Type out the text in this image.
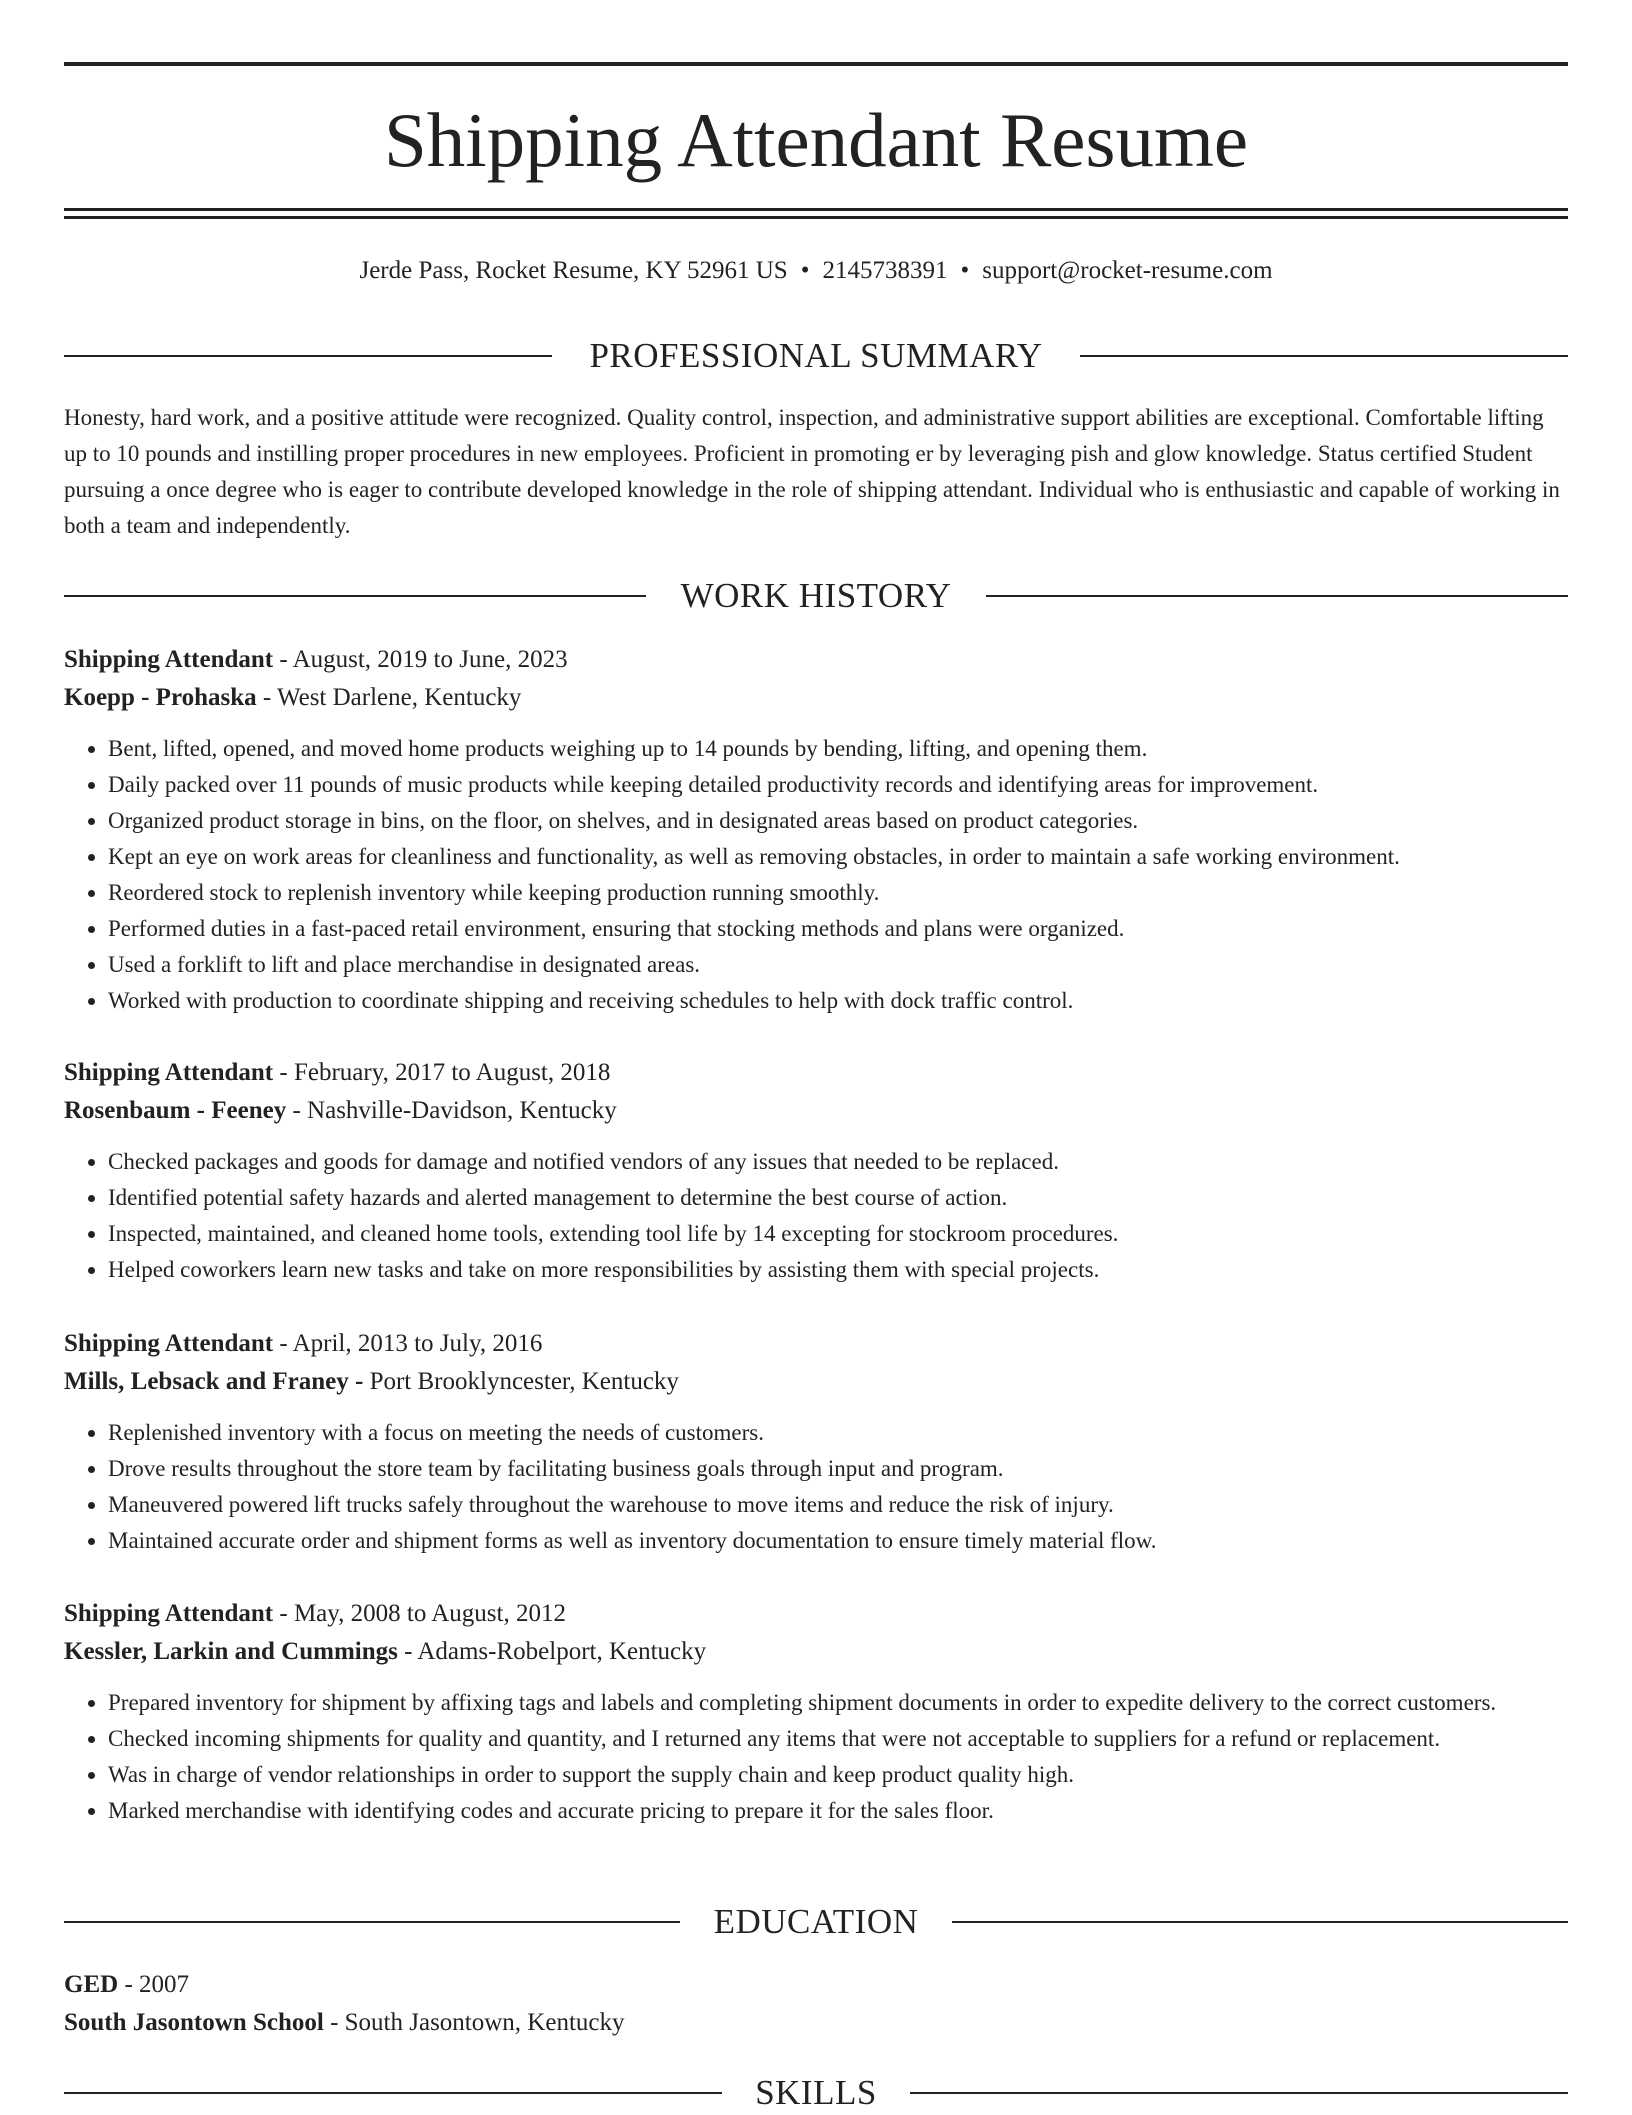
Shipping Attendant Resume
Jerde Pass, Rocket Resume, KY 52961 US • 2145738391 • support@rocket-resume.com
PROFESSIONAL SUMMARY

Honesty, hard work, and a positive attitude were recognized. Quality control, inspection, and administrative support abilities are exceptional. Comfortable lifting up to 10 pounds and instilling proper procedures in new employees. Proficient in promoting er by leveraging pish and glow knowledge. Status certified Student pursuing a once degree who is eager to contribute developed knowledge in the role of shipping attendant. Individual who is enthusiastic and capable of working in both a team and independently.

WORK HISTORY
Shipping Attendant - August, 2019 to June, 2023
Koepp - Prohaska - West Darlene, Kentucky
• Bent, lifted, opened, and moved home products weighing up to 14 pounds by bending, lifting, and opening them.
• Daily packed over 11 pounds of music products while keeping detailed productivity records and identifying areas for improvement.
• Organized product storage in bins, on the floor, on shelves, and in designated areas based on product categories.
• Kept an eye on work areas for cleanliness and functionality, as well as removing obstacles, in order to maintain a safe working environment.
• Reordered stock to replenish inventory while keeping production running smoothly.
• Performed duties in a fast-paced retail environment, ensuring that stocking methods and plans were organized.
• Used a forklift to lift and place merchandise in designated areas.
• Worked with production to coordinate shipping and receiving schedules to help with dock traffic control.
Shipping Attendant - February, 2017 to August, 2018
Rosenbaum - Feeney - Nashville-Davidson, Kentucky
• Checked packages and goods for damage and notified vendors of any issues that needed to be replaced.
• Identified potential safety hazards and alerted management to determine the best course of action.
• Inspected, maintained, and cleaned home tools, extending tool life by 14 excepting for stockroom procedures.
• Helped coworkers learn new tasks and take on more responsibilities by assisting them with special projects.
Shipping Attendant - April, 2013 to July, 2016
Mills, Lebsack and Franey - Port Brooklyncester, Kentucky
• Replenished inventory with a focus on meeting the needs of customers.
• Drove results throughout the store team by facilitating business goals through input and program.
• Maneuvered powered lift trucks safely throughout the warehouse to move items and reduce the risk of injury.
• Maintained accurate order and shipment forms as well as inventory documentation to ensure timely material flow.
Shipping Attendant - May, 2008 to August, 2012
Kessler, Larkin and Cummings - Adams-Robelport, Kentucky
• Prepared inventory for shipment by affixing tags and labels and completing shipment documents in order to expedite delivery to the correct customers.
• Checked incoming shipments for quality and quantity, and I returned any items that were not acceptable to suppliers for a refund or replacement.
• Was in charge of vendor relationships in order to support the supply chain and keep product quality high.
• Marked merchandise with identifying codes and accurate pricing to prepare it for the sales floor.
EDUCATION
GED - 2007
South Jasontown School - South Jasontown, Kentucky
SKILLS
